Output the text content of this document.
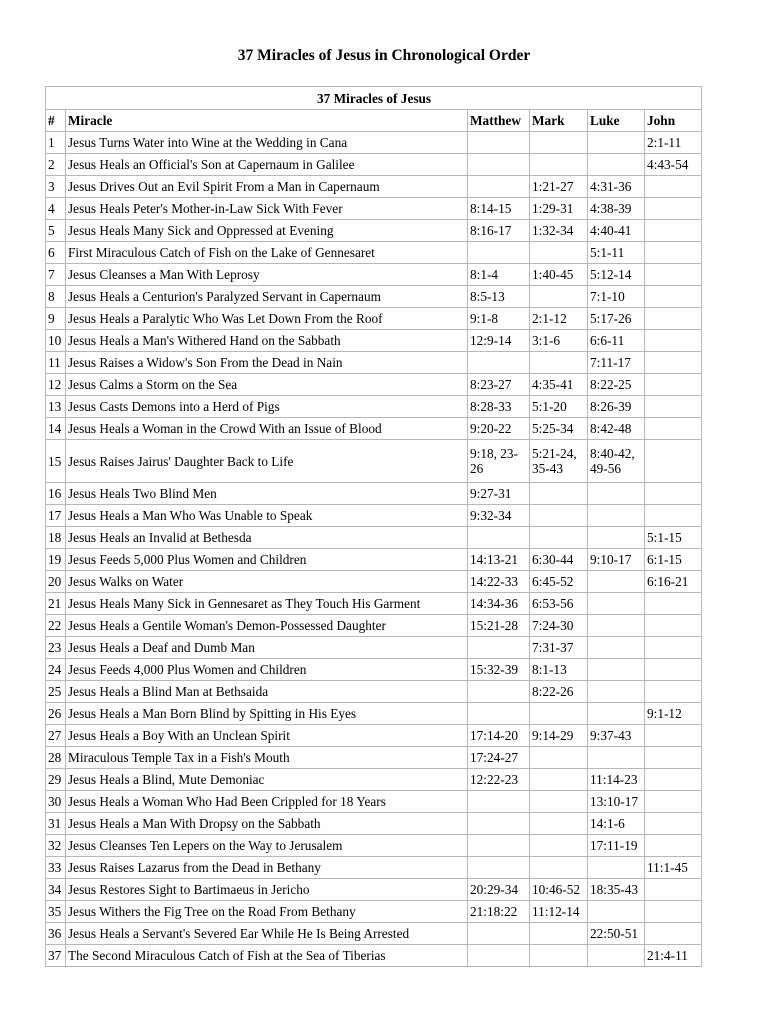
37 Miracles of Jesus in Chronological Order
37 Miracles of Jesus					
#	Miracle	Matthew	Mark	Luke	John
1	Jesus Turns Water into Wine at the Wedding in Cana				2:1-11
2	Jesus Heals an Official's Son at Capernaum in Galilee				4:43-54
3	Jesus Drives Out an Evil Spirit From a Man in Capernaum		1:21-27	4:31-36	
4	Jesus Heals Peter's Mother-in-Law Sick With Fever	8:14-15	1:29-31	4:38-39	
5	Jesus Heals Many Sick and Oppressed at Evening	8:16-17	1:32-34	4:40-41	
6	First Miraculous Catch of Fish on the Lake of Gennesaret			5:1-11	
7	Jesus Cleanses a Man With Leprosy	8:1-4	1:40-45	5:12-14	
8	Jesus Heals a Centurion's Paralyzed Servant in Capernaum	8:5-13		7:1-10	
9	Jesus Heals a Paralytic Who Was Let Down From the Roof	9:1-8	2:1-12	5:17-26	
10	Jesus Heals a Man's Withered Hand on the Sabbath	12:9-14	3:1-6	6:6-11	
11	Jesus Raises a Widow's Son From the Dead in Nain			7:11-17	
12	Jesus Calms a Storm on the Sea	8:23-27	4:35-41	8:22-25	
13	Jesus Casts Demons into a Herd of Pigs	8:28-33	5:1-20	8:26-39	
14	Jesus Heals a Woman in the Crowd With an Issue of Blood	9:20-22	5:25-34	8:42-48	
15	Jesus Raises Jairus' Daughter Back to Life	9:18, 23-26	5:21-24, 35-43	8:40-42, 49-56	
16	Jesus Heals Two Blind Men	9:27-31			
17	Jesus Heals a Man Who Was Unable to Speak	9:32-34			
18	Jesus Heals an Invalid at Bethesda				5:1-15
19	Jesus Feeds 5,000 Plus Women and Children	14:13-21	6:30-44	9:10-17	6:1-15
20	Jesus Walks on Water	14:22-33	6:45-52		6:16-21
21	Jesus Heals Many Sick in Gennesaret as They Touch His Garment	14:34-36	6:53-56		
22	Jesus Heals a Gentile Woman's Demon-Possessed Daughter	15:21-28	7:24-30		
23	Jesus Heals a Deaf and Dumb Man		7:31-37		
24	Jesus Feeds 4,000 Plus Women and Children	15:32-39	8:1-13		
25	Jesus Heals a Blind Man at Bethsaida		8:22-26		
26	Jesus Heals a Man Born Blind by Spitting in His Eyes				9:1-12
27	Jesus Heals a Boy With an Unclean Spirit	17:14-20	9:14-29	9:37-43	
28	Miraculous Temple Tax in a Fish's Mouth	17:24-27			
29	Jesus Heals a Blind, Mute Demoniac	12:22-23		11:14-23	
30	Jesus Heals a Woman Who Had Been Crippled for 18 Years			13:10-17	
31	Jesus Heals a Man With Dropsy on the Sabbath			14:1-6	
32	Jesus Cleanses Ten Lepers on the Way to Jerusalem			17:11-19	
33	Jesus Raises Lazarus from the Dead in Bethany				11:1-45
34	Jesus Restores Sight to Bartimaeus in Jericho	20:29-34	10:46-52	18:35-43	
35	Jesus Withers the Fig Tree on the Road From Bethany	21:18:22	11:12-14		
36	Jesus Heals a Servant's Severed Ear While He Is Being Arrested			22:50-51	
37	The Second Miraculous Catch of Fish at the Sea of Tiberias				21:4-11
